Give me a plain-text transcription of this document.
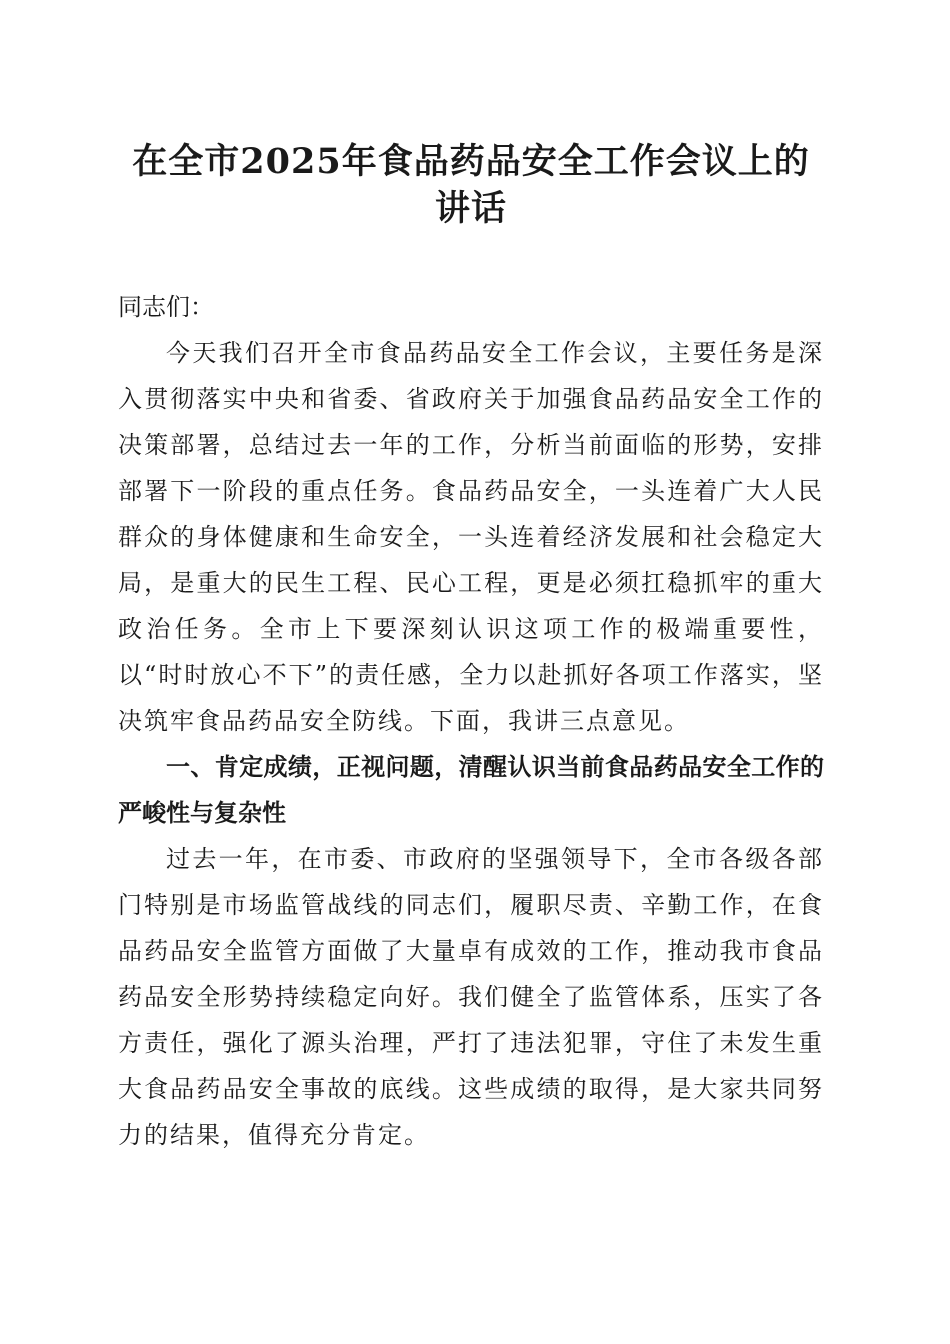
在全市2025年食品药品安全工作会议上的讲话

同志们：

今天我们召开全市食品药品安全工作会议，主要任务是深入贯彻落实中央和省委、省政府关于加强食品药品安全工作的决策部署，总结过去一年的工作，分析当前面临的形势，安排部署下一阶段的重点任务。食品药品安全，一头连着广大人民群众的身体健康和生命安全，一头连着经济发展和社会稳定大局，是重大的民生工程、民心工程，更是必须扛稳抓牢的重大政治任务。全市上下要深刻认识这项工作的极端重要性，以“时时放心不下”的责任感，全力以赴抓好各项工作落实，坚决筑牢食品药品安全防线。下面，我讲三点意见。

一、肯定成绩，正视问题，清醒认识当前食品药品安全工作的严峻性与复杂性

过去一年，在市委、市政府的坚强领导下，全市各级各部门特别是市场监管战线的同志们，履职尽责、辛勤工作，在食品药品安全监管方面做了大量卓有成效的工作，推动我市食品药品安全形势持续稳定向好。我们健全了监管体系，压实了各方责任，强化了源头治理，严打了违法犯罪，守住了未发生重大食品药品安全事故的底线。这些成绩的取得，是大家共同努力的结果，值得充分肯定。
